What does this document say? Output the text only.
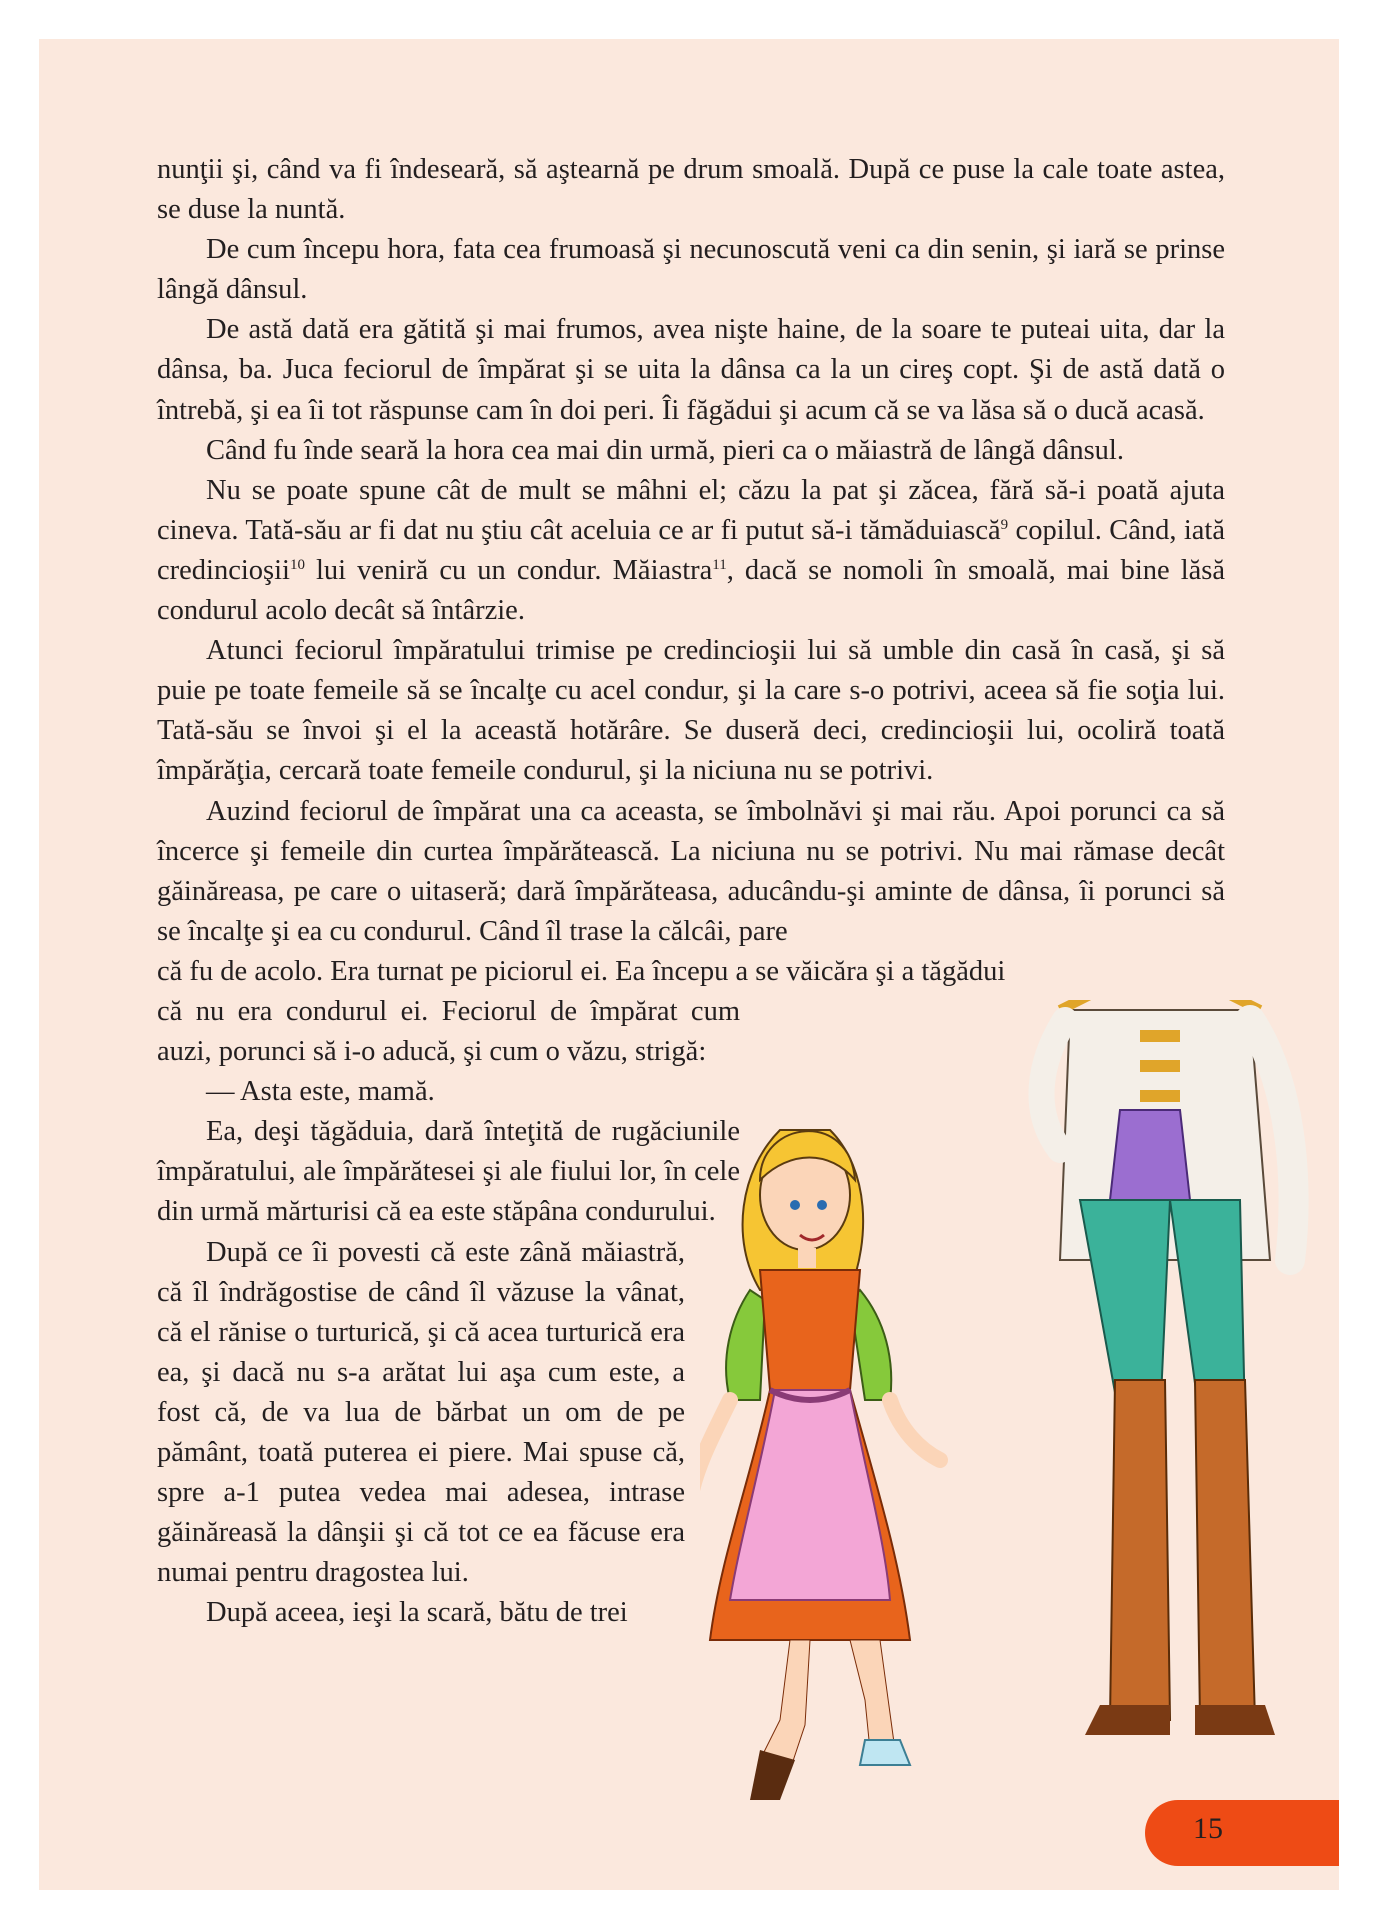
nunţii şi, când va fi îndeseară, să aştearnă pe drum smoală. După ce puse la cale toate astea, se duse la nuntă.

De cum începu hora, fata cea frumoasă şi necunoscută veni ca din senin, şi iară se prinse lângă dânsul.

De astă dată era gătită şi mai frumos, avea nişte haine, de la soare te puteai uita, dar la dânsa, ba. Juca feciorul de împărat şi se uita la dânsa ca la un cireş copt. Şi de astă dată o întrebă, şi ea îi tot răspunse cam în doi peri. Îi făgădui şi acum că se va lăsa să o ducă acasă.

Când fu înde seară la hora cea mai din urmă, pieri ca o măiastră de lângă dânsul.

Nu se poate spune cât de mult se mâhni el; căzu la pat şi zăcea, fără să-i poată ajuta cineva. Tată-său ar fi dat nu ştiu cât aceluia ce ar fi putut să-i tămăduiască$^9$ copilul. Când, iată credincioşii$^{10}$ lui veniră cu un condur. Măiastra$^{11}$, dacă se nomoli în smoală, mai bine lăsă condurul acolo decât să întârzie.

Atunci feciorul împăratului trimise pe credincioşii lui să umble din casă în casă, şi să puie pe toate femeile să se încalţe cu acel condur, şi la care s-o potrivi, aceea să fie soţia lui. Tată-său se învoi şi el la această hotărâre. Se duseră deci, credincioşii lui, ocoliră toată împărăţia, cercară toate femeile condurul, şi la niciuna nu se potrivi.

Auzind feciorul de împărat una ca aceasta, se îmbolnăvi şi mai rău. Apoi porunci ca să încerce şi femeile din curtea împărătească. La niciuna nu se potrivi. Nu mai rămase decât găinăreasa, pe care o uitaseră; dară împărăteasa, aducându-şi aminte de dânsa, îi porunci să se încalţe şi ea cu condurul. Când îl trase la călcâi, pare

că fu de acolo. Era turnat pe piciorul ei. Ea începu a se văicăra şi a tăgădui

că nu era condurul ei. Feciorul de împărat cum auzi, porunci să i-o aducă, şi cum o văzu, strigă:

— Asta este, mamă.

Ea, deşi tăgăduia, dară înteţită de rugăciunile împăratului, ale împărătesei şi ale fiului lor, în cele din urmă mărturisi că ea este stăpâna condurului.

După ce îi povesti că este zână măiastră, că îl îndrăgostise de când îl văzuse la vânat, că el rănise o turturică, şi că acea turturică era ea, şi dacă nu s-a arătat lui aşa cum este, a fost că, de va lua de bărbat un om de pe pământ, toată puterea ei piere. Mai spuse că, spre a-1 putea vedea mai adesea, intrase găinăreasă la dânşii şi că tot ce ea făcuse era numai pentru dragostea lui.

După aceea, ieşi la scară, bătu de trei

15
